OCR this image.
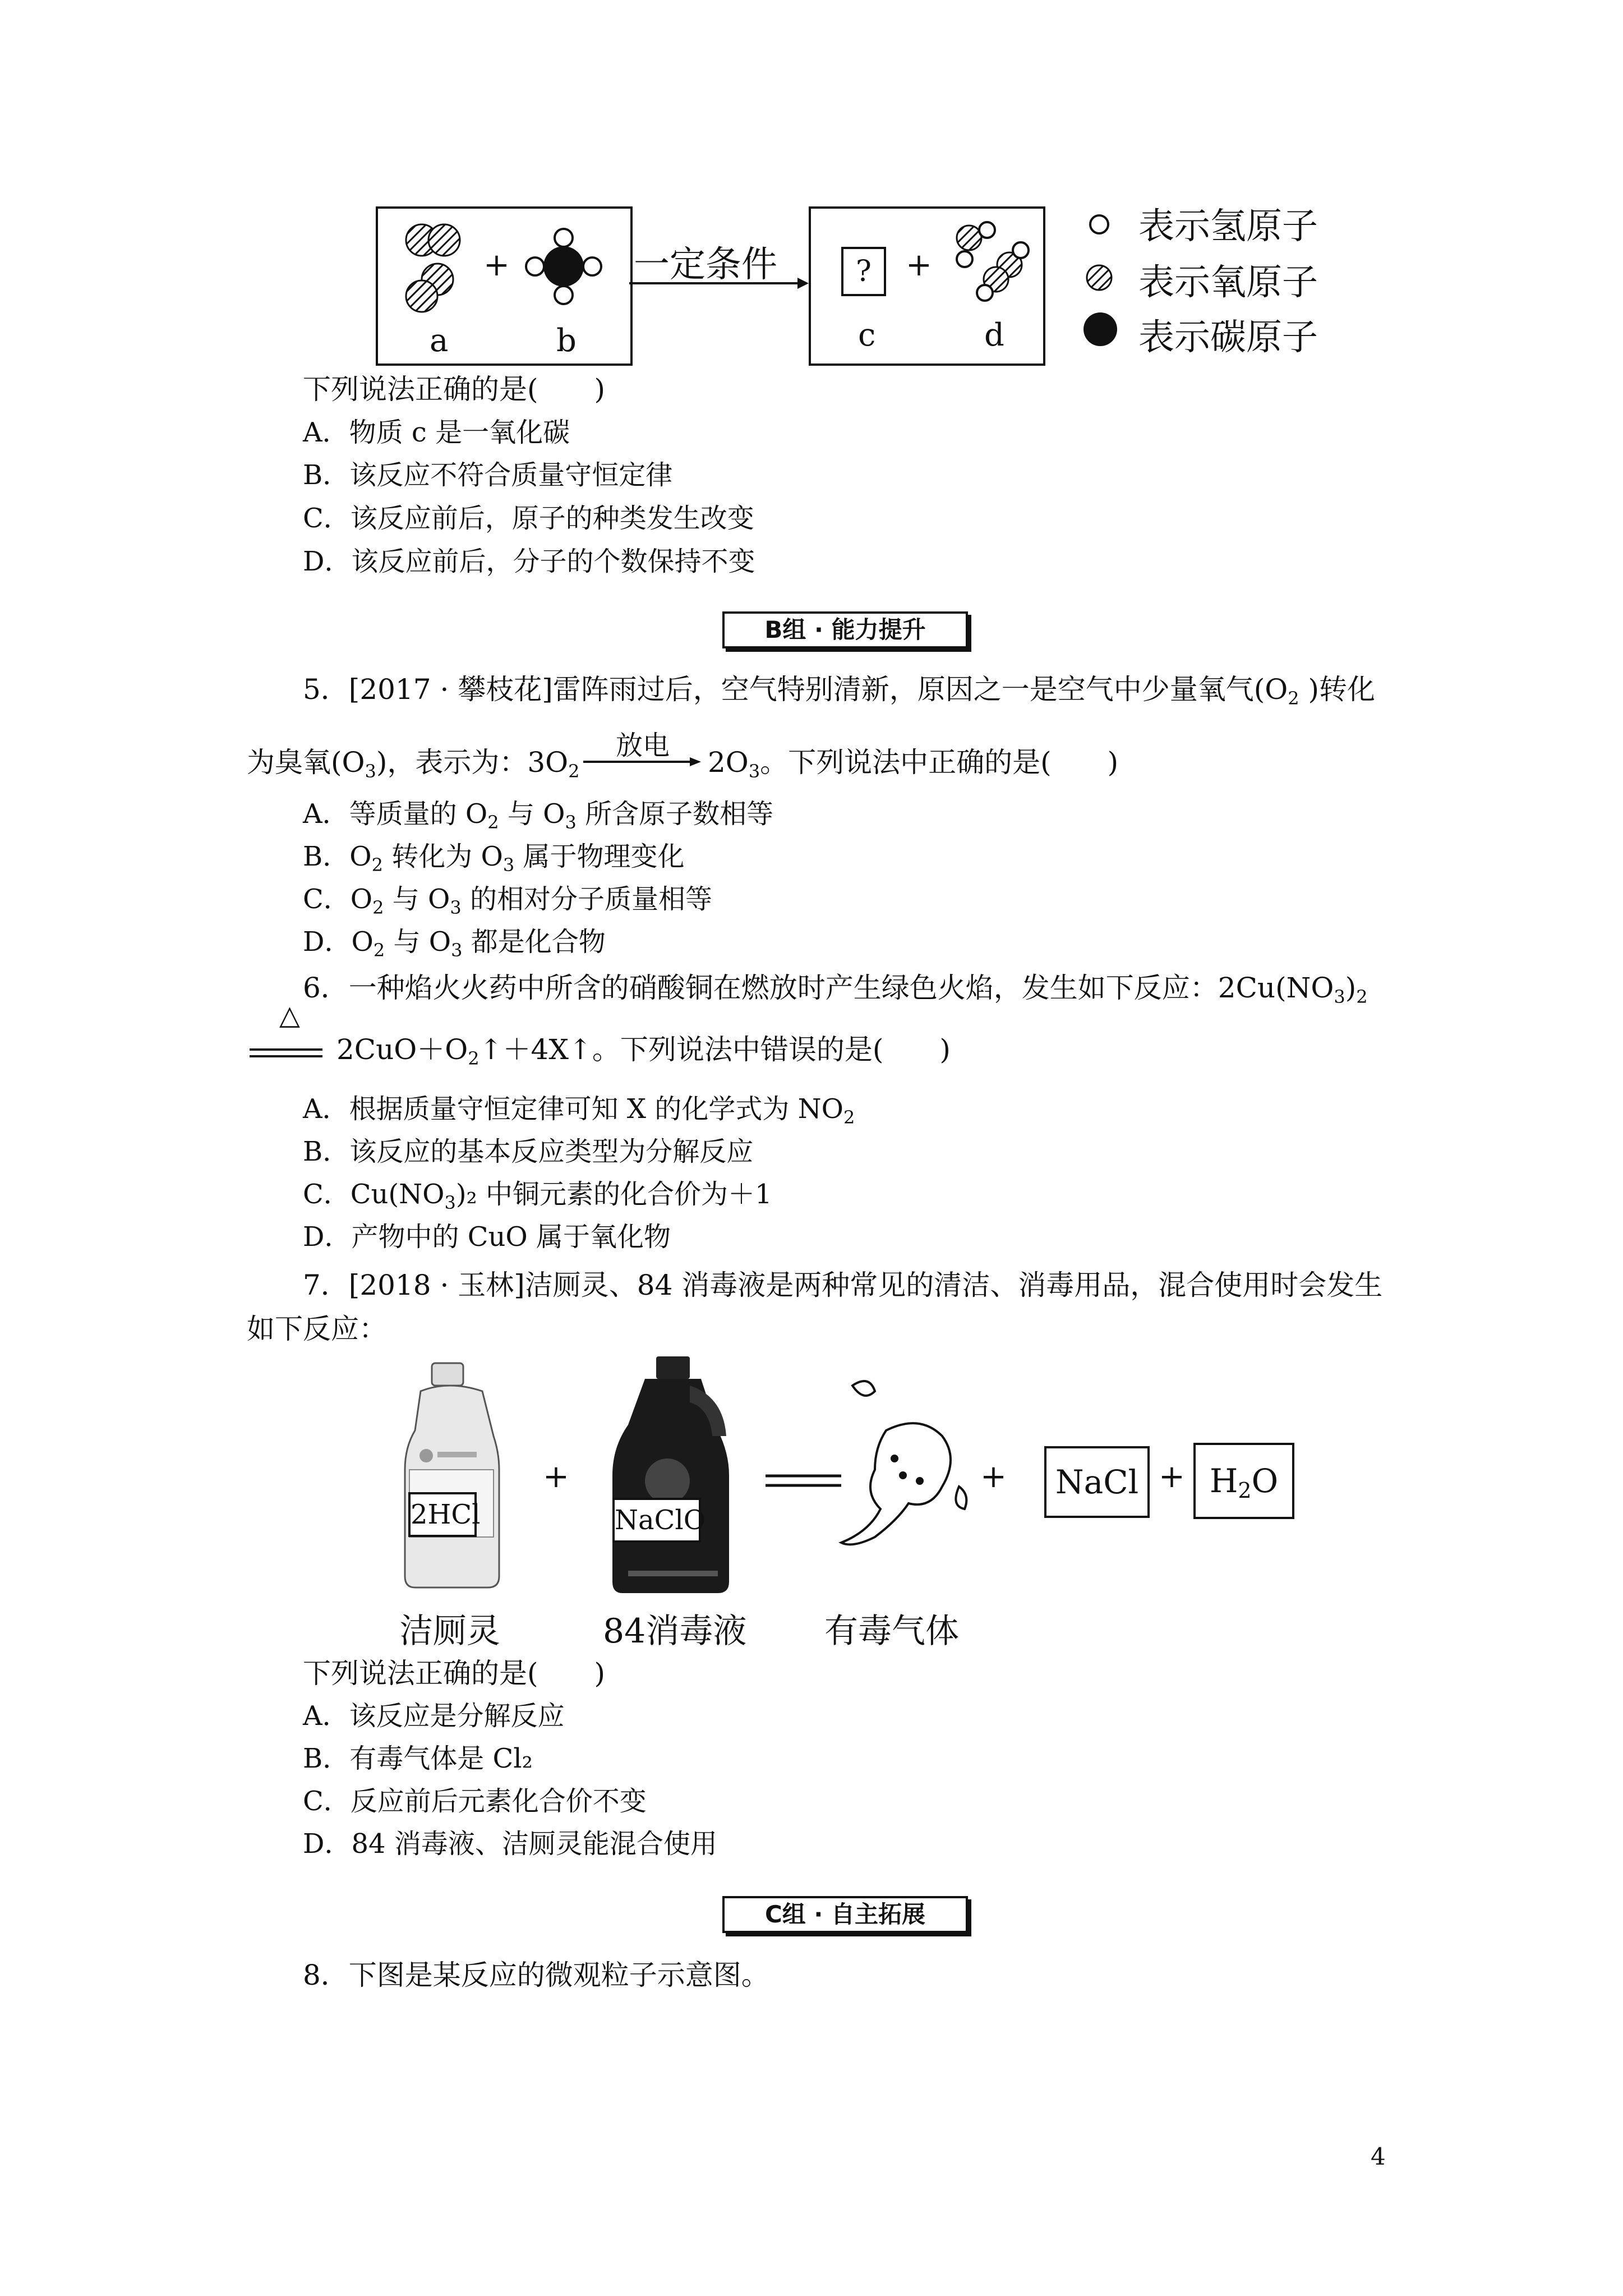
+
a	b
一定条件	?	+
c	d
表示氢原子
表示氧原子
表示碳原子
下列说法正确的是(　　)
A．物质 c 是一氧化碳
B．该反应不符合质量守恒定律
C．该反应前后，原子的种类发生改变
D．该反应前后，分子的个数保持不变
B组 · 能力提升
5．[2017 · 攀枝花]雷阵雨过后，空气特别清新，原因之一是空气中少量氧气($O_2$ )转化
为臭氧$(O_3)$，表示为：$3O_2$
放电
$2O_3$。下列说法中正确的是(　　)
A．等质量的 $O_2$ 与 $O_3$ 所含原子数相等
B．$O_2$ 转化为 $O_3$ 属于物理变化
C．$O_2$ 与 $O_3$ 的相对分子质量相等
D．$O_2$ 与 $O_3$ 都是化合物
6．一种焰火火药中所含的硝酸铜在燃放时产生绿色火焰，发生如下反应：$2Cu(NO_3)_2$
△
$2CuO+O_2↑+4X↑$。下列说法中错误的是(　　)
A．根据质量守恒定律可知 X 的化学式为 $NO_2$
B．该反应的基本反应类型为分解反应
C．$Cu(NO_3)_2$ 中铜元素的化合价为＋1
D．产物中的 CuO 属于氧化物
7．[2018 · 玉林]洁厕灵、84 消毒液是两种常见的清洁、消毒用品，混合使用时会发生
如下反应：
2HCl
+
NaClO
+	NaCl + H2O
洁厕灵	84消毒液 有毒气体
下列说法正确的是(　　)
A．该反应是分解反应
B．有毒气体是 Cl₂
C．反应前后元素化合价不变
D．84 消毒液、洁厕灵能混合使用
C组 · 自主拓展
8．下图是某反应的微观粒子示意图。
4
